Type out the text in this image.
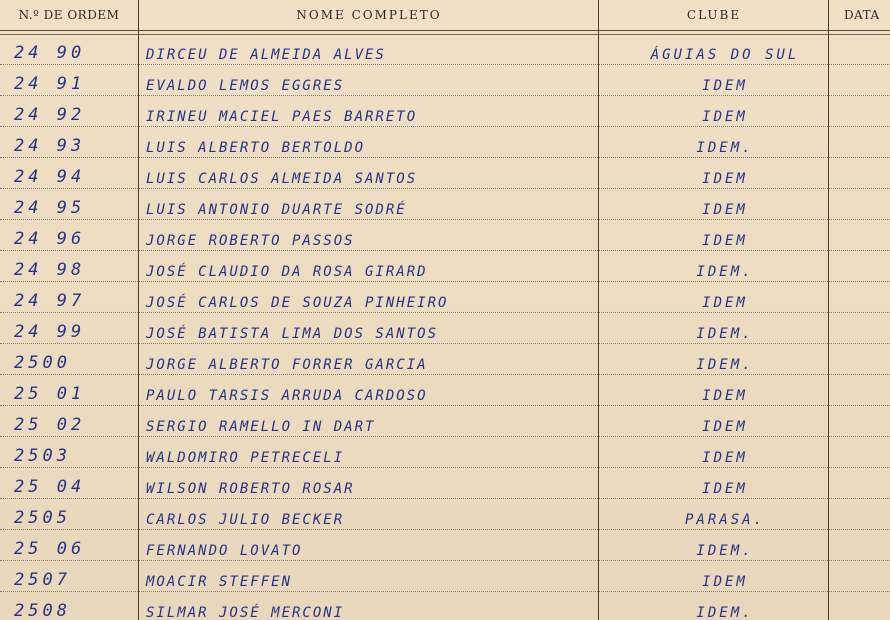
N.º DE ORDEM	NOME COMPLETO	CLUBE	DATA
24 90	DIRCEU DE ALMEIDA ALVES	ÁGUIAS DO SUL
24 91	EVALDO LEMOS EGGRES	IDEM
24 92	IRINEU MACIEL PAES BARRETO	IDEM
24 93	LUIS ALBERTO BERTOLDO	IDEM.
24 94	LUIS CARLOS ALMEIDA SANTOS	IDEM
24 95	LUIS ANTONIO DUARTE SODRÉ	IDEM
24 96	JORGE ROBERTO PASSOS	IDEM
24 98	JOSÉ CLAUDIO DA ROSA GIRARD	IDEM.
24 97	JOSÉ CARLOS DE SOUZA PINHEIRO	IDEM
24 99	JOSÉ BATISTA LIMA DOS SANTOS	IDEM.
2500	JORGE ALBERTO FORRER GARCIA	IDEM.
25 01	PAULO TARSIS ARRUDA CARDOSO	IDEM
25 02	SERGIO RAMELLO IN DART	IDEM
2503	WALDOMIRO PETRECELI	IDEM
25 04	WILSON ROBERTO ROSAR	IDEM
2505	CARLOS JULIO BECKER	PARASA.
25 06	FERNANDO LOVATO	IDEM.
2507	MOACIR STEFFEN	IDEM
2508	SILMAR JOSÉ MERCONI	IDEM.
